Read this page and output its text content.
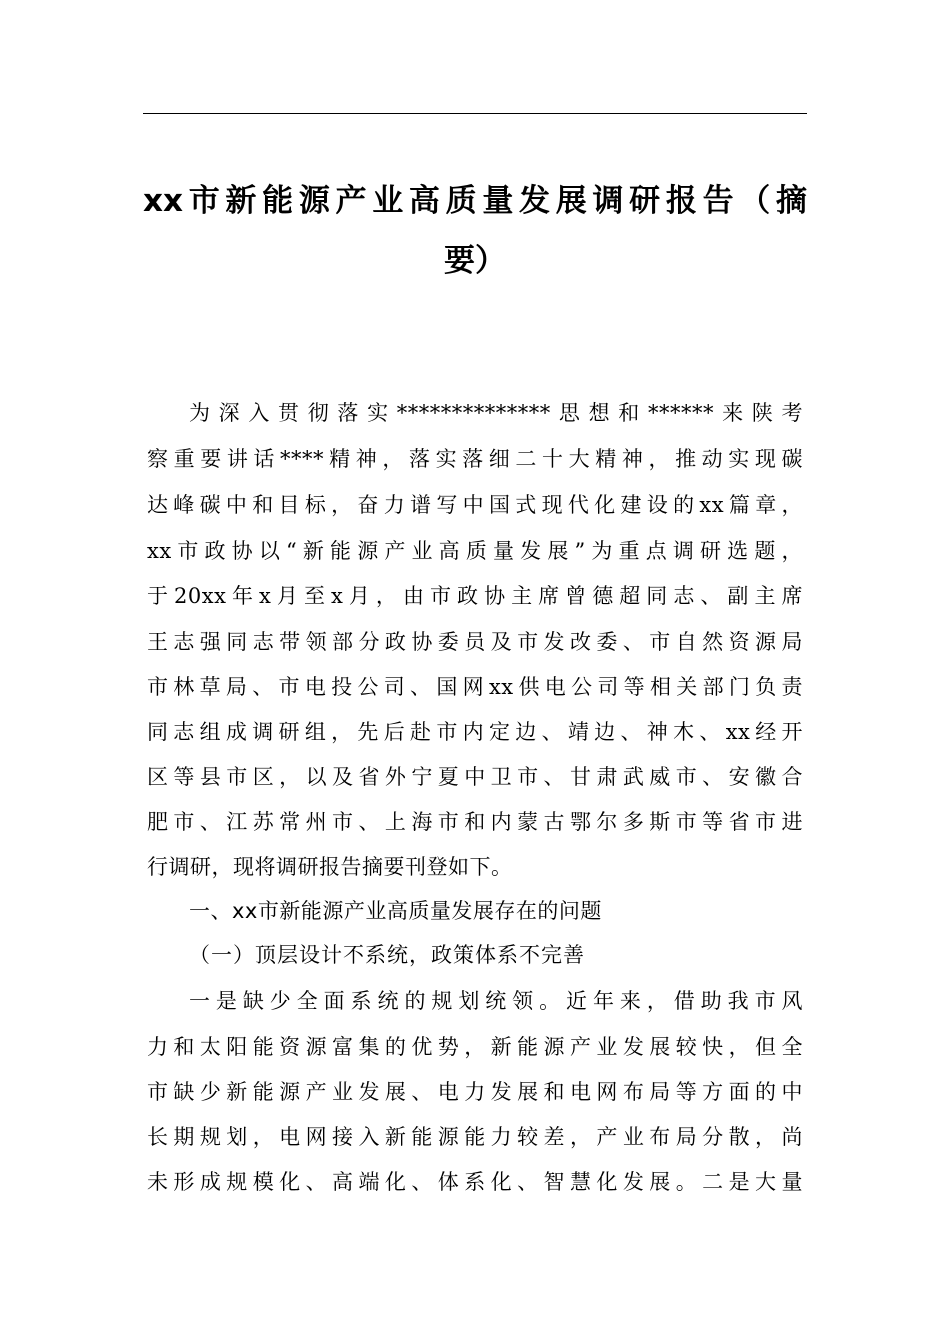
xx市新能源产业高质量发展调研报告（摘
要）
为深入贯彻落实**************思想和******来陕考
察重要讲话****精神，落实落细二十大精神，推动实现碳
达峰碳中和目标，奋力谱写中国式现代化建设的xx篇章，
xx市政协以“新能源产业高质量发展”为重点调研选题，
于20xx年x月至x月，由市政协主席曾德超同志、副主席
王志强同志带领部分政协委员及市发改委、市自然资源局
市林草局、市电投公司、国网xx供电公司等相关部门负责
同志组成调研组，先后赴市内定边、靖边、神木、xx经开
区等县市区，以及省外宁夏中卫市、甘肃武威市、安徽合
肥市、江苏常州市、上海市和内蒙古鄂尔多斯市等省市进
行调研，现将调研报告摘要刊登如下。
一、xx市新能源产业高质量发展存在的问题
（一）顶层设计不系统，政策体系不完善
一是缺少全面系统的规划统领。近年来，借助我市风
力和太阳能资源富集的优势，新能源产业发展较快，但全
市缺少新能源产业发展、电力发展和电网布局等方面的中
长期规划，电网接入新能源能力较差，产业布局分散，尚
未形成规模化、高端化、体系化、智慧化发展。二是大量
